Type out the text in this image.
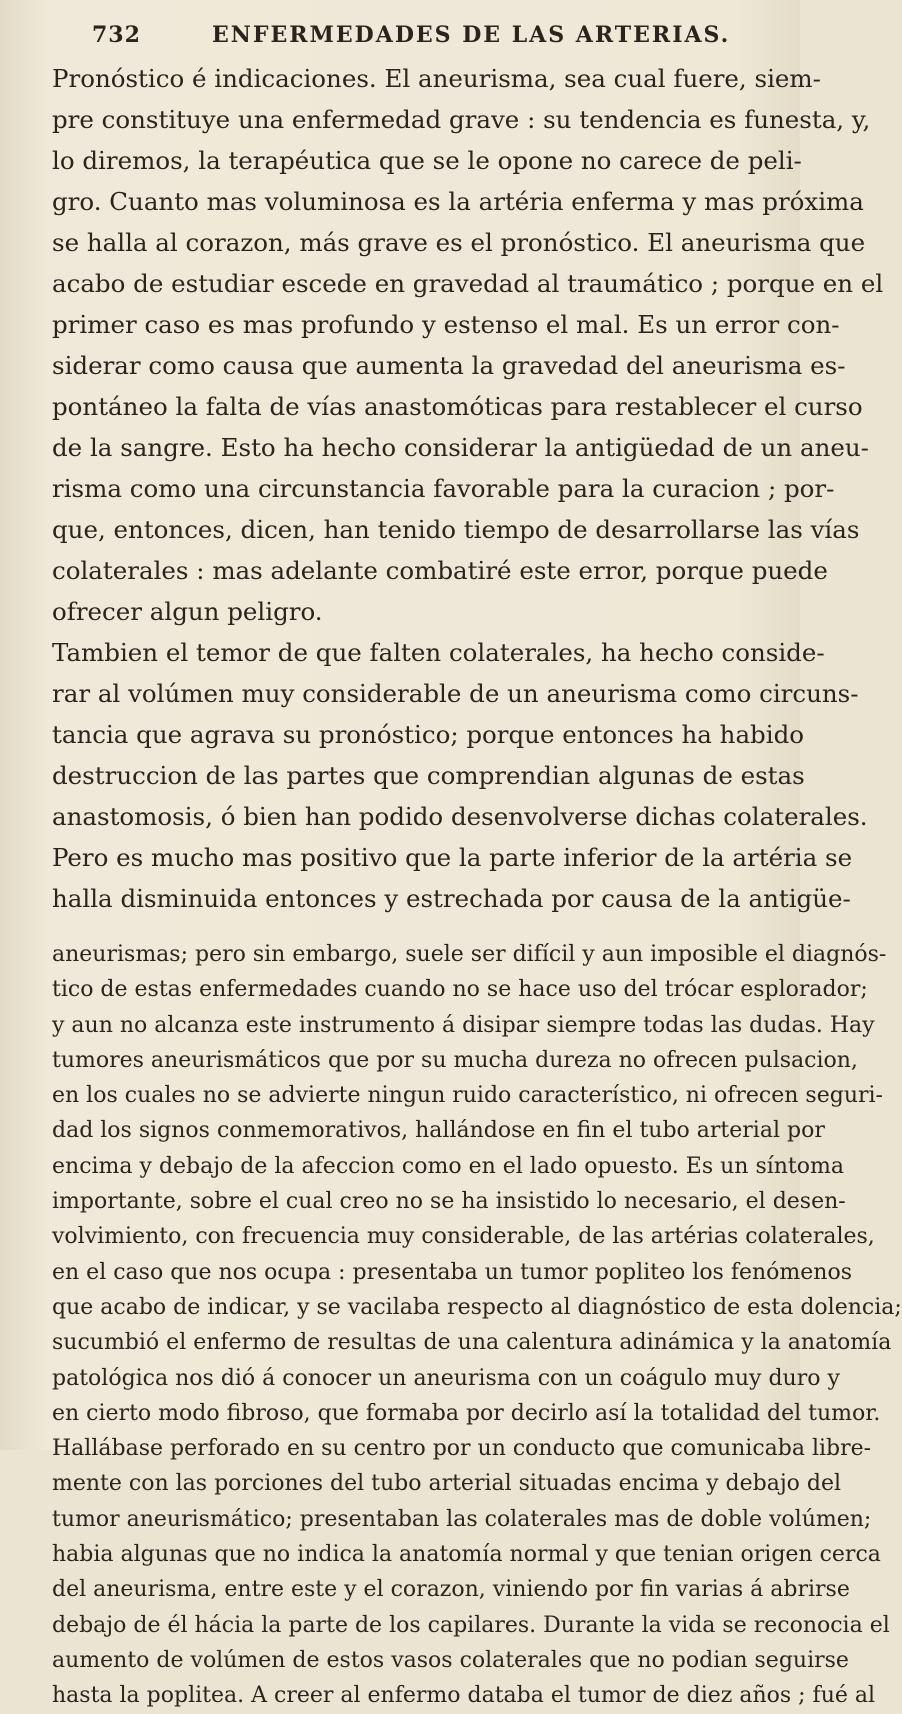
732	ENFERMEDADES DE LAS ARTERIAS.
Pronóstico é indicaciones. El aneurisma, sea cual fuere, siem-
pre constituye una enfermedad grave : su tendencia es funesta, y,
lo diremos, la terapéutica que se le opone no carece de peli-
gro. Cuanto mas voluminosa es la artéria enferma y mas próxima
se halla al corazon, más grave es el pronóstico. El aneurisma que
acabo de estudiar escede en gravedad al traumático ; porque en el
primer caso es mas profundo y estenso el mal. Es un error con-
siderar como causa que aumenta la gravedad del aneurisma es-
pontáneo la falta de vías anastomóticas para restablecer el curso
de la sangre. Esto ha hecho considerar la antigüedad de un aneu-
risma como una circunstancia favorable para la curacion ; por-
que, entonces, dicen, han tenido tiempo de desarrollarse las vías
colaterales : mas adelante combatiré este error, porque puede
ofrecer algun peligro.
Tambien el temor de que falten colaterales, ha hecho conside-
rar al volúmen muy considerable de un aneurisma como circuns-
tancia que agrava su pronóstico; porque entonces ha habido
destruccion de las partes que comprendian algunas de estas
anastomosis, ó bien han podido desenvolverse dichas colaterales.
Pero es mucho mas positivo que la parte inferior de la artéria se
halla disminuida entonces y estrechada por causa de la antigüe-
aneurismas; pero sin embargo, suele ser difícil y aun imposible el diagnós-
tico de estas enfermedades cuando no se hace uso del trócar esplorador;
y aun no alcanza este instrumento á disipar siempre todas las dudas. Hay
tumores aneurismáticos que por su mucha dureza no ofrecen pulsacion,
en los cuales no se advierte ningun ruido característico, ni ofrecen seguri-
dad los signos conmemorativos, hallándose en fin el tubo arterial por
encima y debajo de la afeccion como en el lado opuesto. Es un síntoma
importante, sobre el cual creo no se ha insistido lo necesario, el desen-
volvimiento, con frecuencia muy considerable, de las artérias colaterales,
en el caso que nos ocupa : presentaba un tumor popliteo los fenómenos
que acabo de indicar, y se vacilaba respecto al diagnóstico de esta dolencia;
sucumbió el enfermo de resultas de una calentura adinámica y la anatomía
patológica nos dió á conocer un aneurisma con un coágulo muy duro y
en cierto modo fibroso, que formaba por decirlo así la totalidad del tumor.
Hallábase perforado en su centro por un conducto que comunicaba libre-
mente con las porciones del tubo arterial situadas encima y debajo del
tumor aneurismático; presentaban las colaterales mas de doble volúmen;
habia algunas que no indica la anatomía normal y que tenian origen cerca
del aneurisma, entre este y el corazon, viniendo por fin varias á abrirse
debajo de él hácia la parte de los capilares. Durante la vida se reconocia el
aumento de volúmen de estos vasos colaterales que no podian seguirse
hasta la poplitea. A creer al enfermo databa el tumor de diez años ; fué al
